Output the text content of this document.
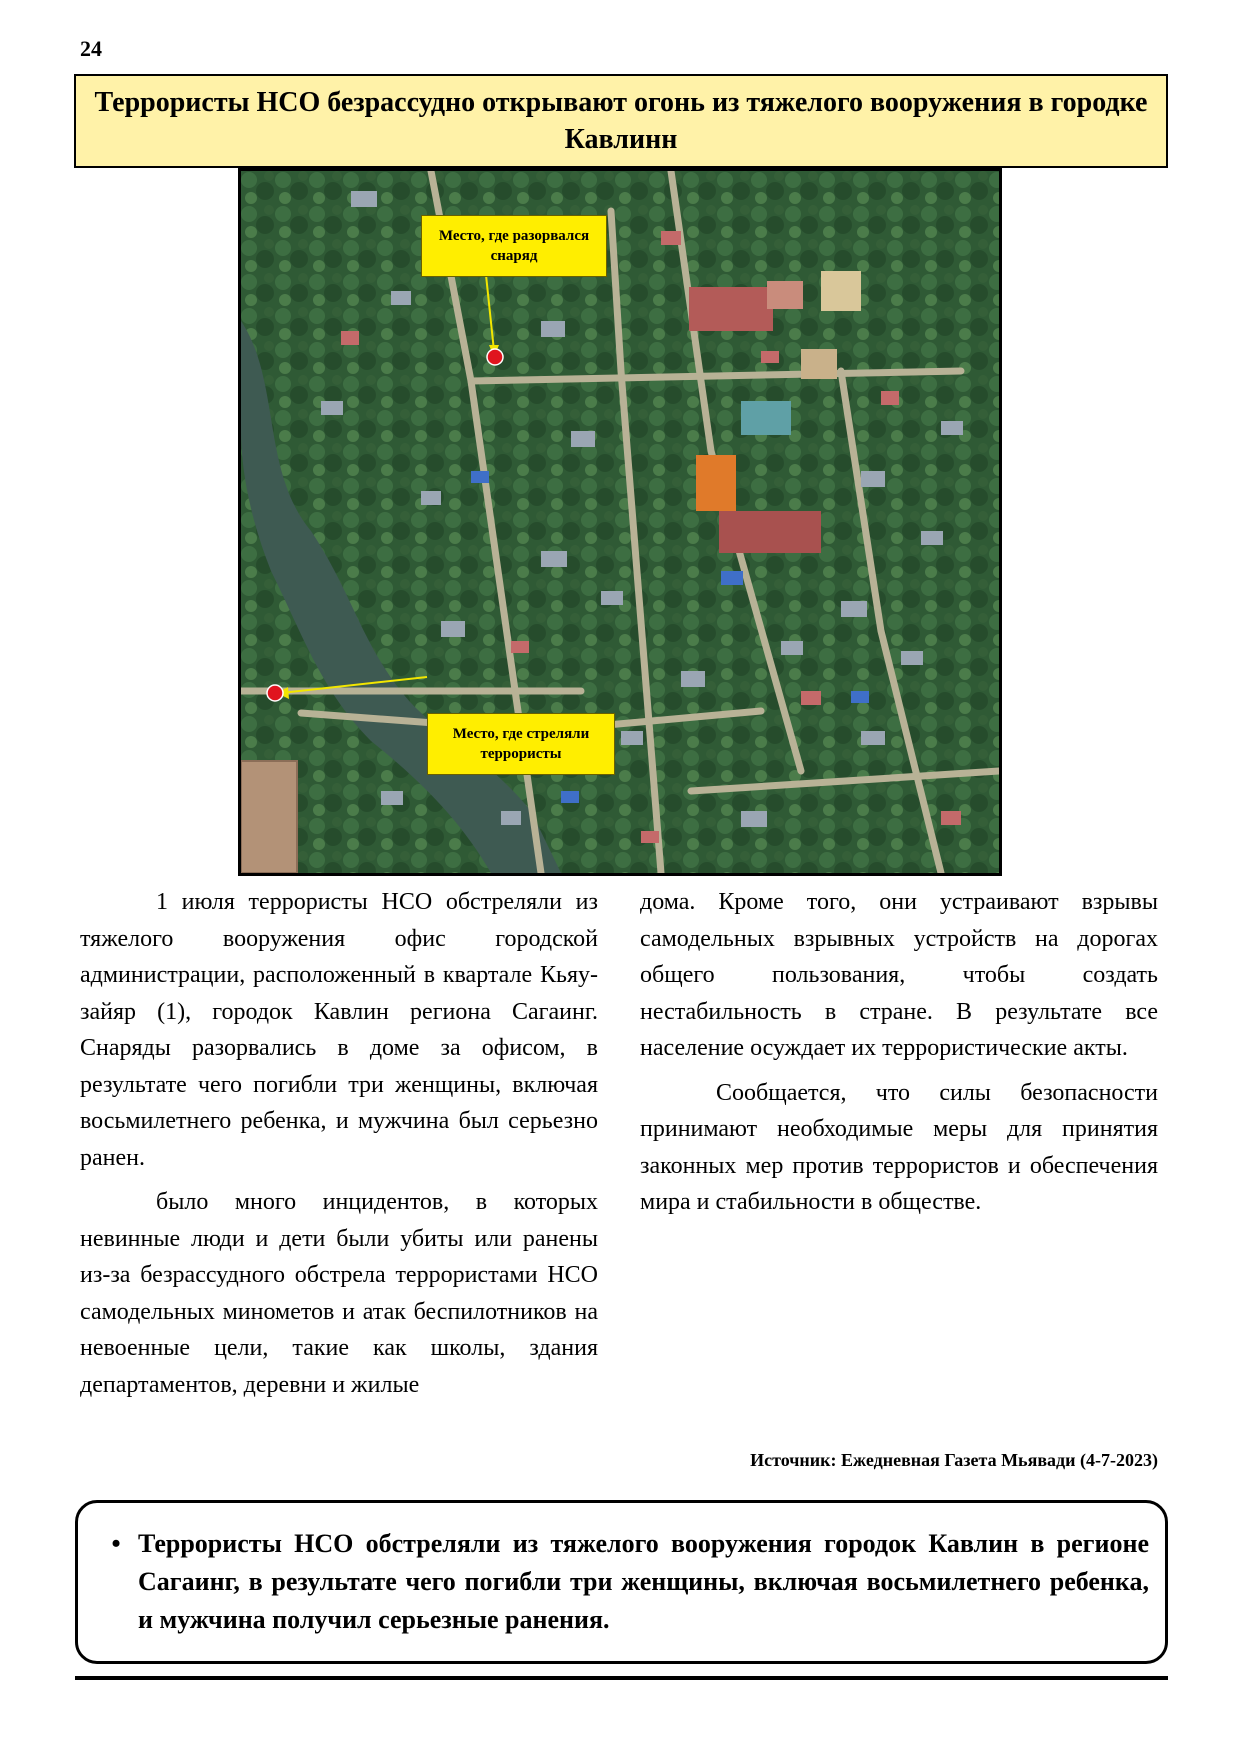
24
Террористы НСО безрассудно открывают огонь из тяжелого вооружения в городке Кавлинн
Место, где разорвался снаряд
Место, где стреляли террористы

1 июля террористы НСО обстреляли из тяжелого вооружения офис городской администрации, расположенный в квартале Кьяу-зайяр (1), городок Кавлин региона Сагаинг. Снаряды разорвались в доме за офисом, в результате чего погибли три женщины, включая восьмилетнего ребенка, и мужчина был серьезно ранен.

было много инцидентов, в которых невинные люди и дети были убиты или ранены из-за безрассудного обстрела террористами НСО самодельных минометов и атак беспилотников на невоенные цели, такие как школы, здания департаментов, деревни и жилые

дома. Кроме того, они устраивают взрывы самодельных взрывных устройств на дорогах общего пользования, чтобы создать нестабильность в стране. В результате все население осуждает их террористические акты.

Сообщается, что силы безопасности принимают необходимые меры для принятия законных мер против террористов и обеспечения мира и стабильности в обществе.

Источник: Ежедневная Газета Мьявади (4-7-2023)
• Террористы НСО обстреляли из тяжелого вооружения городок Кавлин в регионе Сагаинг, в результате чего погибли три женщины, включая восьмилетнего ребенка, и мужчина получил серьезные ранения.
